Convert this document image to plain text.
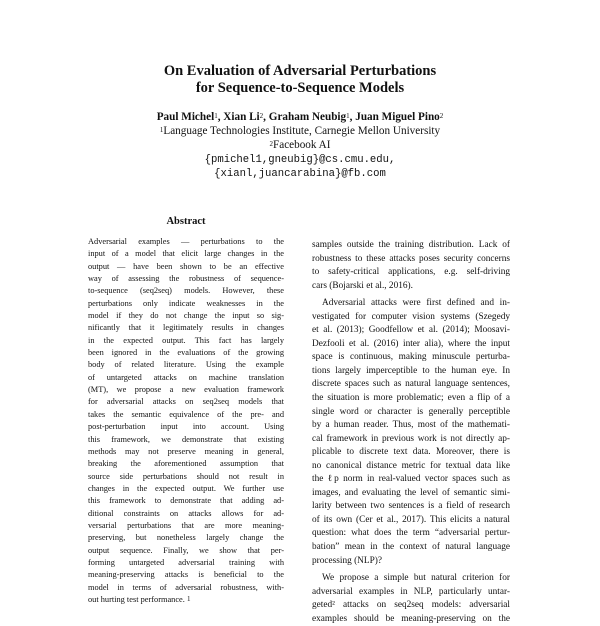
On Evaluation of Adversarial Perturbations
for Sequence-to-Sequence Models
Paul Michel$^1$, Xian Li$^2$, Graham Neubig$^1$, Juan Miguel Pino$^2$
$^1$Language Technologies Institute, Carnegie Mellon University
$^2$Facebook AI
{pmichel1,gneubig}@cs.cmu.edu,
{xianl,juancarabina}@fb.com
Abstract
Adversarial examples — perturbations to the
input of a model that elicit large changes in the
output — have been shown to be an effective
way of assessing the robustness of sequence-
to-sequence (seq2seq) models. However, these
perturbations only indicate weaknesses in the
model if they do not change the input so sig-
nificantly that it legitimately results in changes
in the expected output. This fact has largely
been ignored in the evaluations of the growing
body of related literature. Using the example
of untargeted attacks on machine translation
(MT), we propose a new evaluation framework
for adversarial attacks on seq2seq models that
takes the semantic equivalence of the pre- and
post-perturbation input into account. Using
this framework, we demonstrate that existing
methods may not preserve meaning in general,
breaking the aforementioned assumption that
source side perturbations should not result in
changes in the expected output. We further use
this framework to demonstrate that adding ad-
ditional constraints on attacks allows for ad-
versarial perturbations that are more meaning-
preserving, but nonetheless largely change the
output sequence. Finally, we show that per-
forming untargeted adversarial training with
meaning-preserving attacks is beneficial to the
model in terms of adversarial robustness, with-
out hurting test performance. $^1$
samples outside the training distribution. Lack of
robustness to these attacks poses security concerns
to safety-critical applications, e.g. self-driving
cars (Bojarski et al., 2016).
Adversarial attacks were first defined and in-
vestigated for computer vision systems (Szegedy
et al. (2013); Goodfellow et al. (2014); Moosavi-
Dezfooli et al. (2016) inter alia), where the input
space is continuous, making minuscule perturba-
tions largely imperceptible to the human eye. In
discrete spaces such as natural language sentences,
the situation is more problematic; even a flip of a
single word or character is generally perceptible
by a human reader. Thus, most of the mathemati-
cal framework in previous work is not directly ap-
plicable to discrete text data. Moreover, there is
no canonical distance metric for textual data like
the ℓp norm in real-valued vector spaces such as
images, and evaluating the level of semantic simi-
larity between two sentences is a field of research
of its own (Cer et al., 2017). This elicits a natural
question: what does the term “adversarial pertur-
bation” mean in the context of natural language
processing (NLP)?
We propose a simple but natural criterion for
adversarial examples in NLP, particularly untar-
geted² attacks on seq2seq models: adversarial
examples should be meaning-preserving on the
